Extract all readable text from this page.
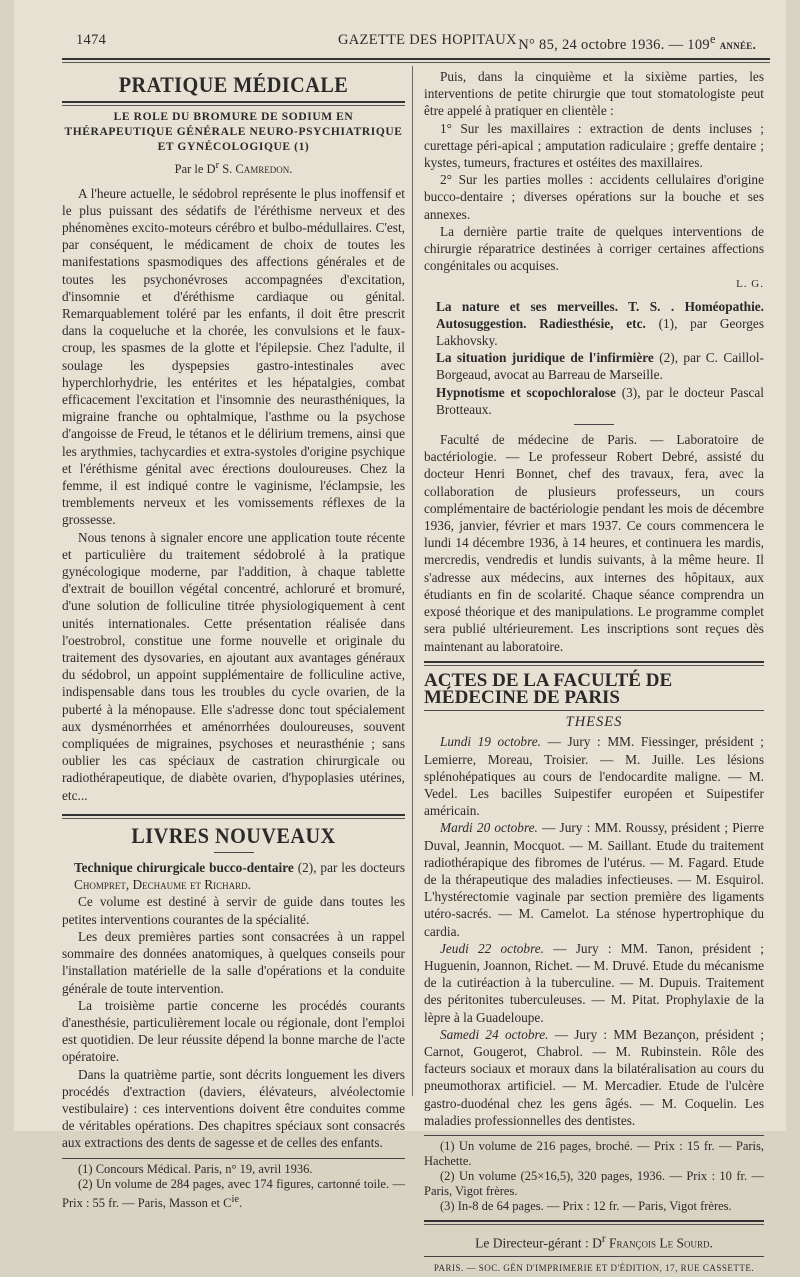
1474	GAZETTE DES HOPITAUX N° 85, 24 octobre 1936. — 109e année.
PRATIQUE MÉDICALE
LE ROLE DU BROMURE DE SODIUM EN THÉRAPEUTIQUE GÉNÉRALE NEURO-PSYCHIATRIQUE ET GYNÉCOLOGIQUE (1)
Par le $D^r$ S. Camredon.

A l'heure actuelle, le sédobrol représente le plus inoffensif et le plus puissant des sédatifs de l'éréthisme nerveux et des phénomènes excito-moteurs cérébro et bulbo-médullaires. C'est, par conséquent, le médicament de choix de toutes les manifestations spasmodiques des affections générales et de toutes les psychonévroses accompagnées d'excitation, d'insomnie et d'éréthisme cardiaque ou génital. Remarquablement toléré par les enfants, il doit être prescrit dans la coqueluche et la chorée, les convulsions et le faux-croup, les spasmes de la glotte et l'épilepsie. Chez l'adulte, il soulage les dyspepsies gastro-intestinales avec hyperchlorhydrie, les entérites et les hépatalgies, combat efficacement l'excitation et l'insomnie des neurasthéniques, la migraine franche ou ophtalmique, l'asthme ou la psychose d'angoisse de Freud, le tétanos et le délirium tremens, ainsi que les arythmies, tachycardies et extra-systoles d'origine psychique et l'éréthisme génital avec érections douloureuses. Chez la femme, il est indiqué contre le vaginisme, l'éclampsie, les tremblements nerveux et les vomissements réflexes de la grossesse.

Nous tenons à signaler encore une application toute récente et particulière du traitement sédobrolé à la pratique gynécologique moderne, par l'addition, à chaque tablette d'extrait de bouillon végétal concentré, achloruré et bromuré, d'une solution de folliculine titrée physiologiquement à cent unités internationales. Cette présentation réalisée dans l'oestrobrol, constitue une forme nouvelle et originale du traitement des dysovaries, en ajoutant aux avantages généraux du sédobrol, un appoint supplémentaire de folliculine active, indispensable dans tous les troubles du cycle ovarien, de la puberté à la ménopause. Elle s'adresse donc tout spécialement aux dysménorrhées et aménorrhées douloureuses, souvent compliquées de migraines, psychoses et neurasthénie ; sans oublier les cas spéciaux de castration chirurgicale ou radiothérapeutique, de diabète ovarien, d'hypoplasies utérines, etc...

LIVRES NOUVEAUX

Technique chirurgicale bucco-dentaire (2), par les docteurs Chompret, Dechaume et Richard.

Ce volume est destiné à servir de guide dans toutes les petites interventions courantes de la spécialité.

Les deux premières parties sont consacrées à un rappel sommaire des données anatomiques, à quelques conseils pour l'installation matérielle de la salle d'opérations et la conduite générale de toute intervention.

La troisième partie concerne les procédés courants d'anesthésie, particulièrement locale ou régionale, dont l'emploi est quotidien. De leur réussite dépend la bonne marche de l'acte opératoire.

Dans la quatrième partie, sont décrits longuement les divers procédés d'extraction (daviers, élévateurs, alvéolectomie vestibulaire) : ces interventions doivent être conduites comme de véritables opérations. Des chapitres spéciaux sont consacrés aux extractions des dents de sagesse et de celles des enfants.

(1) Concours Médical. Paris, n° 19, avril 1936.

(2) Un volume de 284 pages, avec 174 figures, cartonné toile. — Prix : 55 fr. — Paris, Masson et $C^{ie}$.

Puis, dans la cinquième et la sixième parties, les interventions de petite chirurgie que tout stomatologiste peut être appelé à pratiquer en clientèle :

1° Sur les maxillaires : extraction de dents incluses ; curettage péri-apical ; amputation radiculaire ; greffe dentaire ; kystes, tumeurs, fractures et ostéites des maxillaires.

2° Sur les parties molles : accidents cellulaires d'origine bucco-dentaire ; diverses opérations sur la bouche et ses annexes.

La dernière partie traite de quelques interventions de chirurgie réparatrice destinées à corriger certaines affections congénitales ou acquises.

L. G.

La nature et ses merveilles. T. S. . Homéopathie. Autosuggestion. Radiesthésie, etc. (1), par Georges Lakhovsky.

La situation juridique de l'infirmière (2), par C. Caillol-Borgeaud, avocat au Barreau de Marseille.

Hypnotisme et scopochloralose (3), par le docteur Pascal Brotteaux.

Faculté de médecine de Paris. — Laboratoire de bactériologie. — Le professeur Robert Debré, assisté du docteur Henri Bonnet, chef des travaux, fera, avec la collaboration de plusieurs professeurs, un cours complémentaire de bactériologie pendant les mois de décembre 1936, janvier, février et mars 1937. Ce cours commencera le lundi 14 décembre 1936, à 14 heures, et continuera les mardis, mercredis, vendredis et lundis suivants, à la même heure. Il s'adresse aux médecins, aux internes des hôpitaux, aux étudiants en fin de scolarité. Chaque séance comprendra un exposé théorique et des manipulations. Le programme complet sera publié ultérieurement. Les inscriptions sont reçues dès maintenant au laboratoire.

ACTES DE LA FACULTÉ DE MÉDECINE DE PARIS
THESES

Lundi 19 octobre. — Jury : MM. Fiessinger, président ; Lemierre, Moreau, Troisier. — M. Juille. Les lésions splénohépatiques au cours de l'endocardite maligne. — M. Vedel. Les bacilles Suipestifer européen et Suipestifer américain.

Mardi 20 octobre. — Jury : MM. Roussy, président ; Pierre Duval, Jeannin, Mocquot. — M. Saillant. Etude du traitement radiothérapique des fibromes de l'utérus. — M. Fagard. Etude de la thérapeutique des maladies infectieuses. — M. Esquirol. L'hystérectomie vaginale par section première des ligaments utéro-sacrés. — M. Camelot. La sténose hypertrophique du cardia.

Jeudi 22 octobre. — Jury : MM. Tanon, président ; Huguenin, Joannon, Richet. — M. Druvé. Etude du mécanisme de la cutiréaction à la tuberculine. — M. Dupuis. Traitement des péritonites tuberculeuses. — M. Pitat. Prophylaxie de la lèpre à la Guadeloupe.

Samedi 24 octobre. — Jury : MM Bezançon, président ; Carnot, Gougerot, Chabrol. — M. Rubinstein. Rôle des facteurs sociaux et moraux dans la bilatéralisation au cours du pneumothorax artificiel. — M. Mercadier. Etude de l'ulcère gastro-duodénal chez les gens âgés. — M. Coquelin. Les maladies professionnelles des dentistes.

(1) Un volume de 216 pages, broché. — Prix : 15 fr. — Paris, Hachette.

(2) Un volume (25×16,5), 320 pages, 1936. — Prix : 10 fr. — Paris, Vigot frères.

(3) In-8 de 64 pages. — Prix : 12 fr. — Paris, Vigot frères.

Le Directeur-gérant : $D^r$ François Le Sourd.
PARIS. — SOC. GÉN D'IMPRIMERIE ET D'ÉDITION, 17, RUE CASSETTE.
